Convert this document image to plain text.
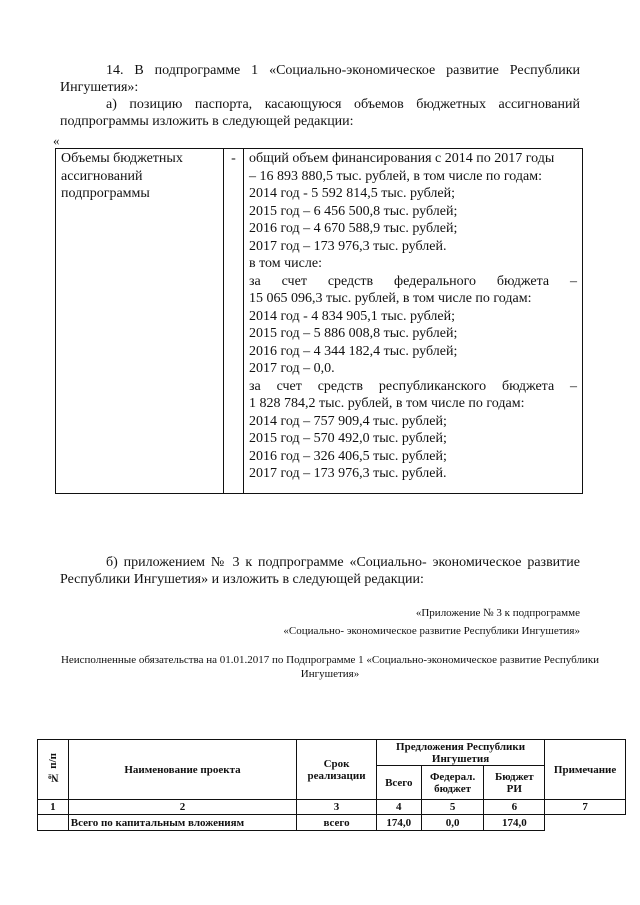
14. В подпрограмме 1 «Социально-экономическое развитие Республики Ингушетия»:

а) позицию паспорта, касающуюся объемов бюджетных ассигнований подпрограммы изложить в следующей редакции:

«
Объемы бюджетных ассигнований подпрограммы	-	общий объем финансирования с 2014 по 2017 годы
– 16 893 880,5 тыс. рублей, в том числе по годам:
2014 год - 5 592 814,5 тыс. рублей;
2015 год – 6 456 500,8 тыс. рублей;
2016 год – 4 670 588,9 тыс. рублей;
2017 год – 173 976,3 тыс. рублей.
в том числе:
за счет средств федерального бюджета –
15 065 096,3 тыс. рублей, в том числе по годам:
2014 год - 4 834 905,1 тыс. рублей;
2015 год – 5 886 008,8 тыс. рублей;
2016 год – 4 344 182,4 тыс. рублей;
2017 год – 0,0.
за счет средств республиканского бюджета –
1 828 784,2 тыс. рублей, в том числе по годам:
2014 год – 757 909,4 тыс. рублей;
2015 год – 570 492,0 тыс. рублей;
2016 год – 326 406,5 тыс. рублей;
2017 год – 173 976,3 тыс. рублей.

б) приложением № 3 к подпрограмме «Социально- экономическое развитие Республики Ингушетия» и изложить в следующей редакции:

«Приложение № 3 к подпрограмме
«Социально- экономическое развитие Республики Ингушетия»
Неисполненные обязательства на 01.01.2017 по Подпрограмме 1 «Социально-экономическое развитие Республики Ингушетия»
№ п/п	Наименование проекта	Срок реализации	Предложения Республики Ингушетия			Примечание
			Всего	Федерал. бюджет	Бюджет РИ	
1	2	3	4	5	6	7
	Всего по капитальным вложениям	всего	174,0	0,0	174,0	
